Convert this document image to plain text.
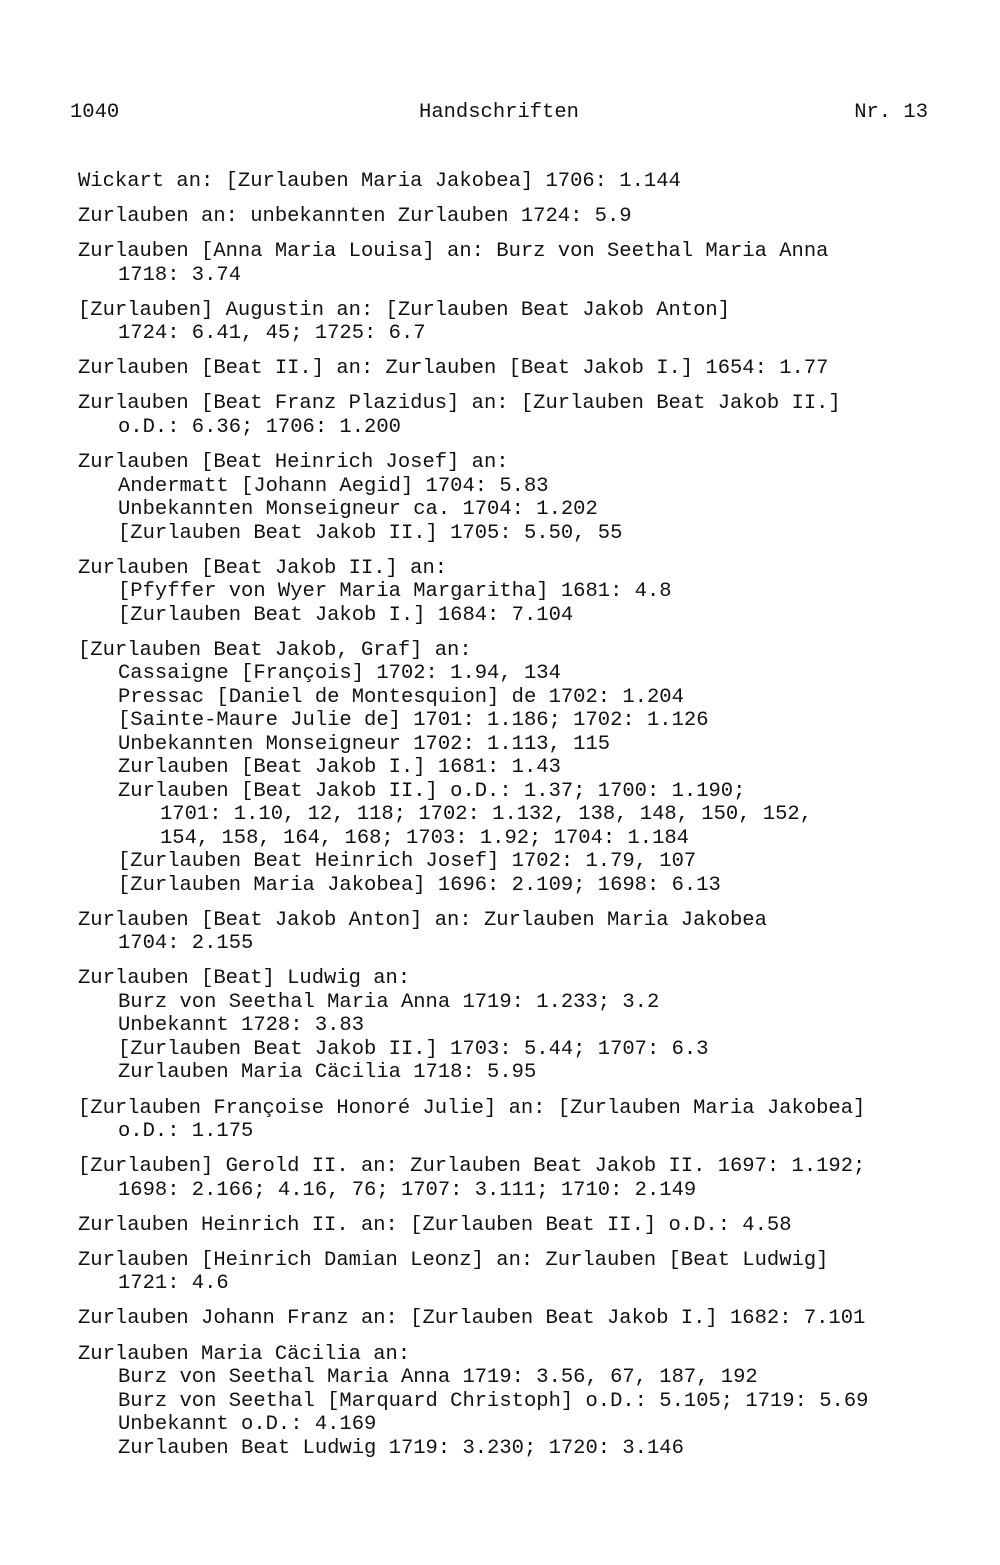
1040	Handschriften	Nr. 13
Wickart an: [Zurlauben Maria Jakobea] 1706: 1.144
Zurlauben an: unbekannten Zurlauben 1724: 5.9
Zurlauben [Anna Maria Louisa] an: Burz von Seethal Maria Anna
1718: 3.74
[Zurlauben] Augustin an: [Zurlauben Beat Jakob Anton]
1724: 6.41, 45; 1725: 6.7
Zurlauben [Beat II.] an: Zurlauben [Beat Jakob I.] 1654: 1.77
Zurlauben [Beat Franz Plazidus] an: [Zurlauben Beat Jakob II.]
o.D.: 6.36; 1706: 1.200
Zurlauben [Beat Heinrich Josef] an:
Andermatt [Johann Aegid] 1704: 5.83
Unbekannten Monseigneur ca. 1704: 1.202
[Zurlauben Beat Jakob II.] 1705: 5.50, 55
Zurlauben [Beat Jakob II.] an:
[Pfyffer von Wyer Maria Margaritha] 1681: 4.8
[Zurlauben Beat Jakob I.] 1684: 7.104
[Zurlauben Beat Jakob, Graf] an:
Cassaigne [François] 1702: 1.94, 134
Pressac [Daniel de Montesquion] de 1702: 1.204
[Sainte-Maure Julie de] 1701: 1.186; 1702: 1.126
Unbekannten Monseigneur 1702: 1.113, 115
Zurlauben [Beat Jakob I.] 1681: 1.43
Zurlauben [Beat Jakob II.] o.D.: 1.37; 1700: 1.190;
1701: 1.10, 12, 118; 1702: 1.132, 138, 148, 150, 152,
154, 158, 164, 168; 1703: 1.92; 1704: 1.184
[Zurlauben Beat Heinrich Josef] 1702: 1.79, 107
[Zurlauben Maria Jakobea] 1696: 2.109; 1698: 6.13
Zurlauben [Beat Jakob Anton] an: Zurlauben Maria Jakobea
1704: 2.155
Zurlauben [Beat] Ludwig an:
Burz von Seethal Maria Anna 1719: 1.233; 3.2
Unbekannt 1728: 3.83
[Zurlauben Beat Jakob II.] 1703: 5.44; 1707: 6.3
Zurlauben Maria Cäcilia 1718: 5.95
[Zurlauben Françoise Honoré Julie] an: [Zurlauben Maria Jakobea]
o.D.: 1.175
[Zurlauben] Gerold II. an: Zurlauben Beat Jakob II. 1697: 1.192;
1698: 2.166; 4.16, 76; 1707: 3.111; 1710: 2.149
Zurlauben Heinrich II. an: [Zurlauben Beat II.] o.D.: 4.58
Zurlauben [Heinrich Damian Leonz] an: Zurlauben [Beat Ludwig]
1721: 4.6
Zurlauben Johann Franz an: [Zurlauben Beat Jakob I.] 1682: 7.101
Zurlauben Maria Cäcilia an:
Burz von Seethal Maria Anna 1719: 3.56, 67, 187, 192
Burz von Seethal [Marquard Christoph] o.D.: 5.105; 1719: 5.69
Unbekannt o.D.: 4.169
Zurlauben Beat Ludwig 1719: 3.230; 1720: 3.146
